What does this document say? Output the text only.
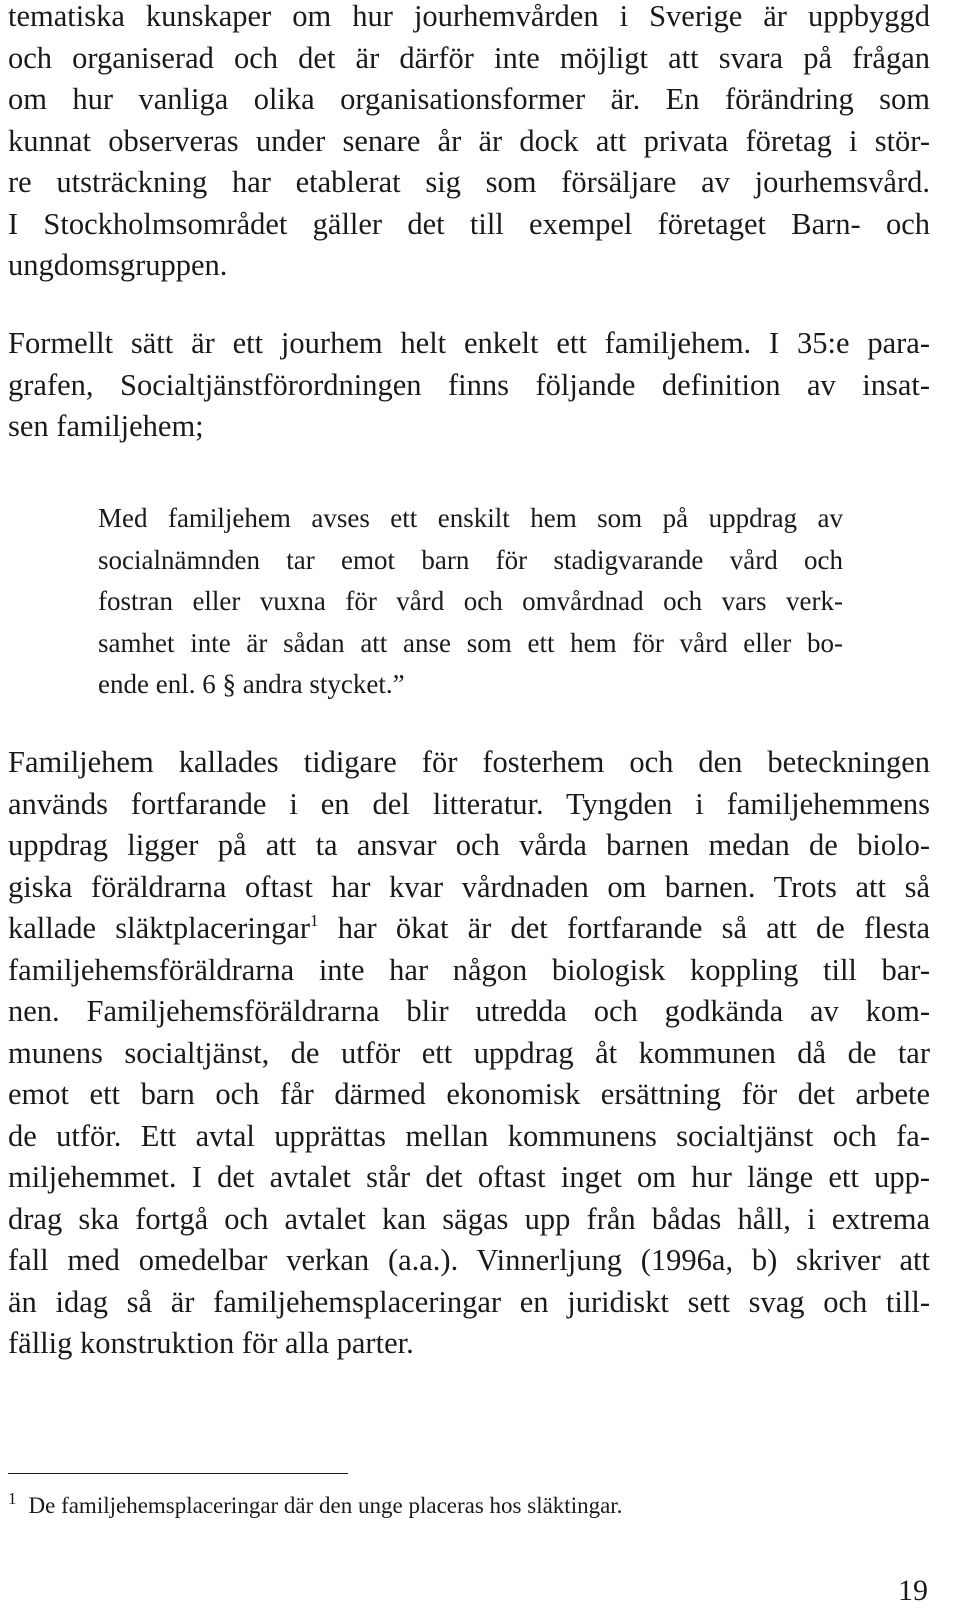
tematiska kunskaper om hur jourhemvården i Sverige är uppbyggd
och organiserad och det är därför inte möjligt att svara på frågan
om hur vanliga olika organisationsformer är. En förändring som
kunnat observeras under senare år är dock att privata företag i stör-
re utsträckning har etablerat sig som försäljare av jourhemsvård.
I Stockholmsområdet gäller det till exempel företaget Barn- och
ungdomsgruppen.
Formellt sätt är ett jourhem helt enkelt ett familjehem. I 35:e para-
grafen, Socialtjänstförordningen finns följande definition av insat-
sen familjehem;
Med familjehem avses ett enskilt hem som på uppdrag av
socialnämnden tar emot barn för stadigvarande vård och
fostran eller vuxna för vård och omvårdnad och vars verk-
samhet inte är sådan att anse som ett hem för vård eller bo-
ende enl. 6 § andra stycket.”
Familjehem kallades tidigare för fosterhem och den beteckningen
används fortfarande i en del litteratur. Tyngden i familjehemmens
uppdrag ligger på att ta ansvar och vårda barnen medan de biolo-
giska föräldrarna oftast har kvar vårdnaden om barnen. Trots att så
kallade släktplaceringar$^1$ har ökat är det fortfarande så att de flesta
familjehemsföräldrarna inte har någon biologisk koppling till bar-
nen. Familjehemsföräldrarna blir utredda och godkända av kom-
munens socialtjänst, de utför ett uppdrag åt kommunen då de tar
emot ett barn och får därmed ekonomisk ersättning för det arbete
de utför. Ett avtal upprättas mellan kommunens socialtjänst och fa-
miljehemmet. I det avtalet står det oftast inget om hur länge ett upp-
drag ska fortgå och avtalet kan sägas upp från bådas håll, i extrema
fall med omedelbar verkan (a.a.). Vinnerljung (1996a, b) skriver att
än idag så är familjehemsplaceringar en juridiskt sett svag och till-
fällig konstruktion för alla parter.
$^1$ De familjehemsplaceringar där den unge placeras hos släktingar.
19
